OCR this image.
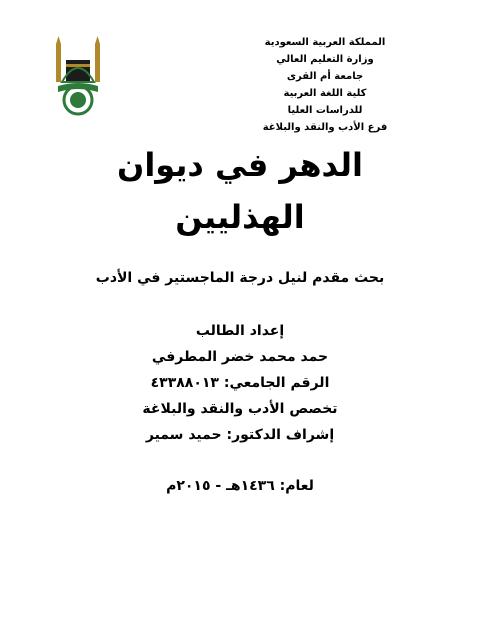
المملكة العربية السعودية
وزارة التعليم العالي
جامعة أم القرى
كلية اللغة العربية
للدراسات العليا
فرع الأدب والنقد والبلاغة
الدهر في ديوان
الهذليين
بحث مقدم لنيل درجة الماجستير في الأدب
إعداد الطالب
حمد محمد خضر المطرفي
الرقم الجامعي: ٤٣٣٨٨٠١٣
تخصص الأدب والنقد والبلاغة
إشراف الدكتور: حميد سمير
لعام: ١٤٣٦هـ - ٢٠١٥م
